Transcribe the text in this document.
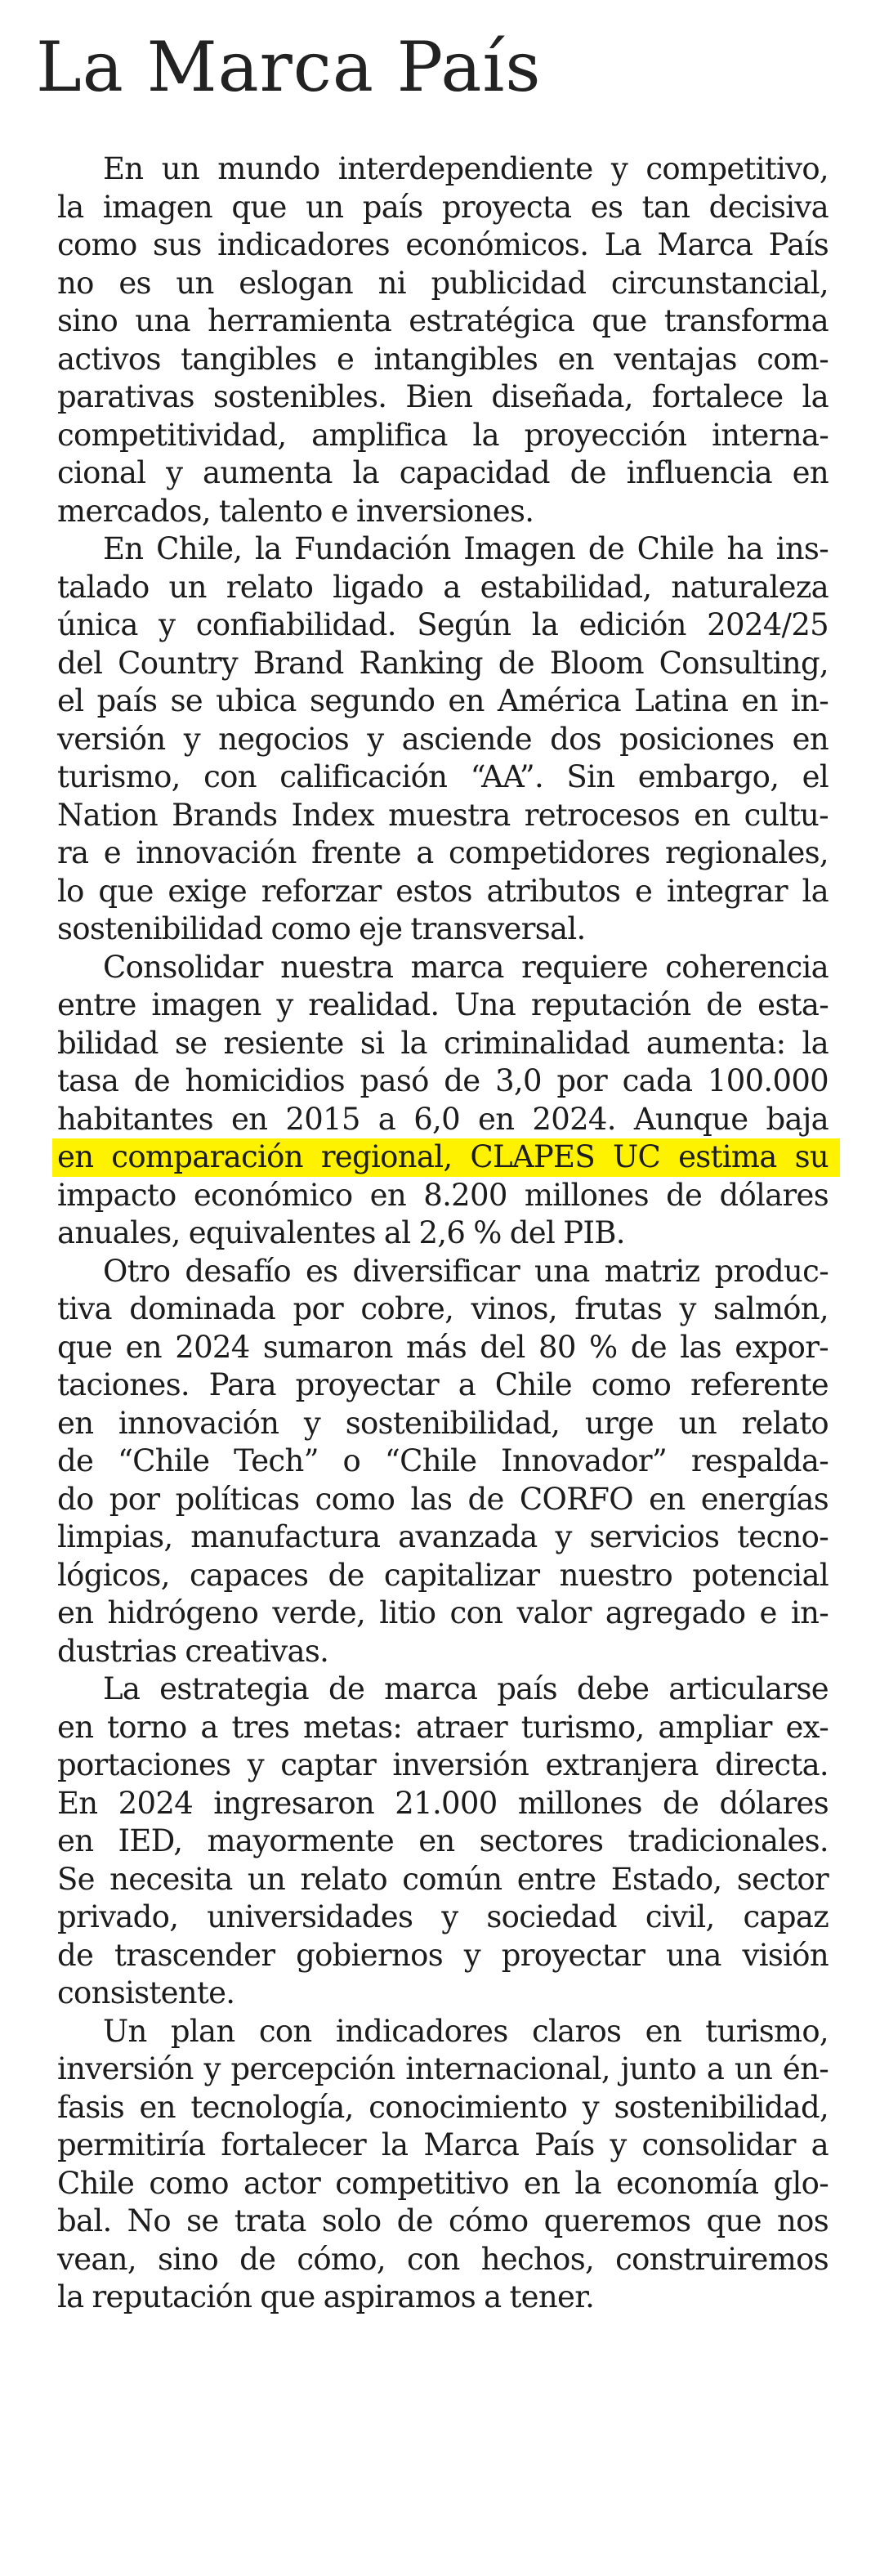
La Marca País

En un mundo interdependiente y competitivo,
la imagen que un país proyecta es tan decisiva
como sus indicadores económicos. La Marca País
no es un eslogan ni publicidad circunstancial,
sino una herramienta estratégica que transforma
activos tangibles e intangibles en ventajas com-
parativas sostenibles. Bien diseñada, fortalece la
competitividad, amplifica la proyección interna-
cional y aumenta la capacidad de influencia en
mercados, talento e inversiones.

En Chile, la Fundación Imagen de Chile ha ins-
talado un relato ligado a estabilidad, naturaleza
única y confiabilidad. Según la edición 2024/25
del Country Brand Ranking de Bloom Consulting,
el país se ubica segundo en América Latina en in-
versión y negocios y asciende dos posiciones en
turismo, con calificación “AA”. Sin embargo, el
Nation Brands Index muestra retrocesos en cultu-
ra e innovación frente a competidores regionales,
lo que exige reforzar estos atributos e integrar la
sostenibilidad como eje transversal.

Consolidar nuestra marca requiere coherencia
entre imagen y realidad. Una reputación de esta-
bilidad se resiente si la criminalidad aumenta: la
tasa de homicidios pasó de 3,0 por cada 100.000
habitantes en 2015 a 6,0 en 2024. Aunque baja
en comparación regional, CLAPES UC estima su
impacto económico en 8.200 millones de dólares
anuales, equivalentes al 2,6 % del PIB.

Otro desafío es diversificar una matriz produc-
tiva dominada por cobre, vinos, frutas y salmón,
que en 2024 sumaron más del 80 % de las expor-
taciones. Para proyectar a Chile como referente
en innovación y sostenibilidad, urge un relato
de “Chile Tech” o “Chile Innovador” respalda-
do por políticas como las de CORFO en energías
limpias, manufactura avanzada y servicios tecno-
lógicos, capaces de capitalizar nuestro potencial
en hidrógeno verde, litio con valor agregado e in-
dustrias creativas.

La estrategia de marca país debe articularse
en torno a tres metas: atraer turismo, ampliar ex-
portaciones y captar inversión extranjera directa.
En 2024 ingresaron 21.000 millones de dólares
en IED, mayormente en sectores tradicionales.
Se necesita un relato común entre Estado, sector
privado, universidades y sociedad civil, capaz
de trascender gobiernos y proyectar una visión
consistente.

Un plan con indicadores claros en turismo,
inversión y percepción internacional, junto a un én-
fasis en tecnología, conocimiento y sostenibilidad,
permitiría fortalecer la Marca País y consolidar a
Chile como actor competitivo en la economía glo-
bal. No se trata solo de cómo queremos que nos
vean, sino de cómo, con hechos, construiremos
la reputación que aspiramos a tener.
